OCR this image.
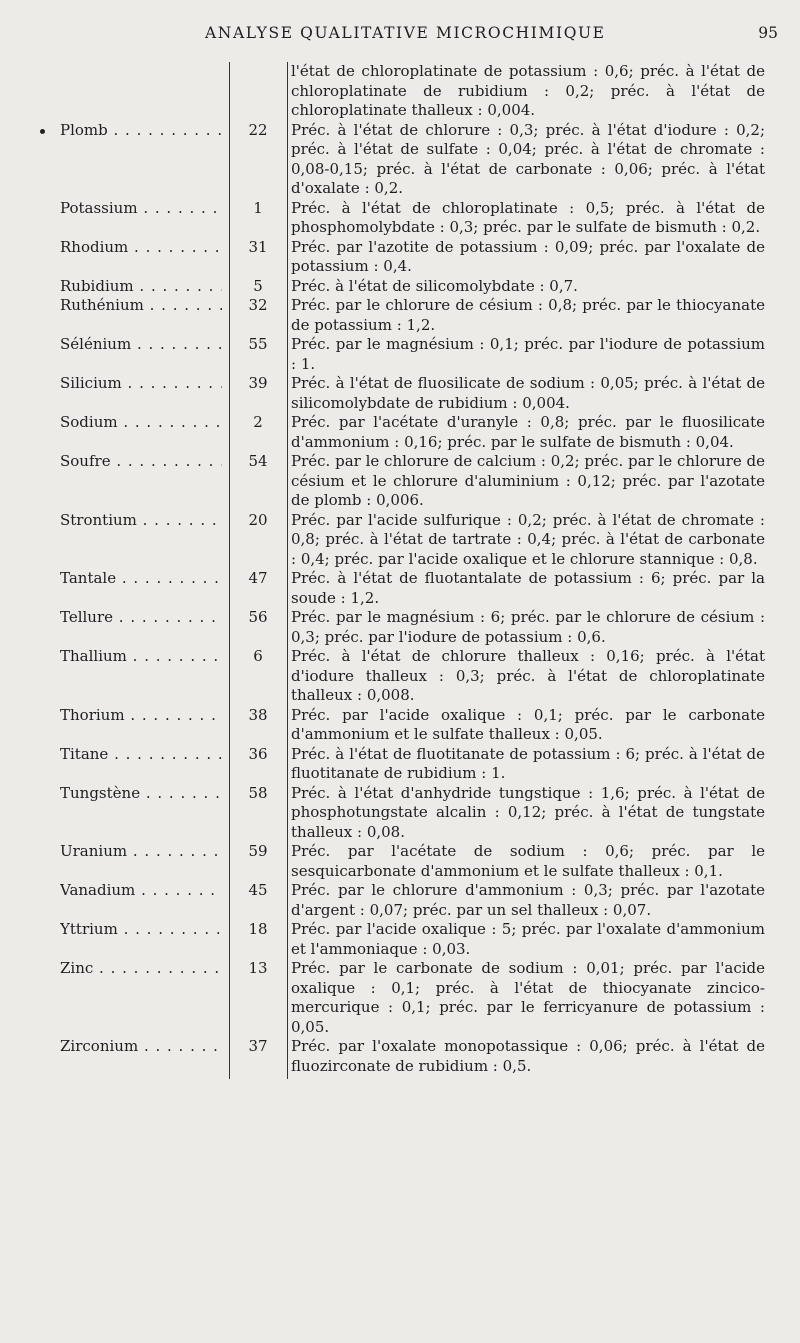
ANALYSE QUALITATIVE MICROCHIMIQUE	95
l'état de chloroplatinate de potassium : 0,6; préc. à l'état de chloroplatinate de rubidium : 0,2; préc. à l'état de chloroplatinate thalleux : 0,004.
Plomb . . .	22	Préc. à l'état de chlorure : 0,3; préc. à l'état d'iodure : 0,2; préc. à l'état de sulfate : 0,04; préc. à l'état de chromate : 0,08-0,15; préc. à l'état de carbonate : 0,06; préc. à l'état d'oxalate : 0,2.
Potassium . . .	1	Préc. à l'état de chloroplatinate : 0,5; préc. à l'état de phosphomolybdate : 0,3; préc. par le sulfate de bismuth : 0,2.
Rhodium . . .	31	Préc. par l'azotite de potassium : 0,09; préc. par l'oxalate de potassium : 0,4.
Rubidium . . .	5	Préc. à l'état de silicomolybdate : 0,7.
Ruthénium . . .	32	Préc. par le chlorure de césium : 0,8; préc. par le thiocyanate de potassium : 1,2.
Sélénium . . .	55	Préc. par le magnésium : 0,1; préc. par l'iodure de potassium : 1.
Silicium . . .	39	Préc. à l'état de fluosilicate de sodium : 0,05; préc. à l'état de silicomolybdate de rubidium : 0,004.
Sodium . . .	2	Préc. par l'acétate d'uranyle : 0,8; préc. par le fluosilicate d'ammonium : 0,16; préc. par le sulfate de bismuth : 0,04.
Soufre . . .	54	Préc. par le chlorure de calcium : 0,2; préc. par le chlorure de césium et le chlorure d'aluminium : 0,12; préc. par l'azotate de plomb : 0,006.
Strontium . . .	20	Préc. par l'acide sulfurique : 0,2; préc. à l'état de chromate : 0,8; préc. à l'état de tartrate : 0,4; préc. à l'état de carbonate : 0,4; préc. par l'acide oxalique et le chlorure stannique : 0,8.
Tantale . . .	47	Préc. à l'état de fluotantalate de potassium : 6; préc. par la soude : 1,2.
Tellure . . .	56	Préc. par le magnésium : 6; préc. par le chlorure de césium : 0,3; préc. par l'iodure de potassium : 0,6.
Thallium . . .	6	Préc. à l'état de chlorure thalleux : 0,16; préc. à l'état d'iodure thalleux : 0,3; préc. à l'état de chloroplatinate thalleux : 0,008.
Thorium . . .	38	Préc. par l'acide oxalique : 0,1; préc. par le carbonate d'ammonium et le sulfate thalleux : 0,05.
Titane . . .	36	Préc. à l'état de fluotitanate de potassium : 6; préc. à l'état de fluotitanate de rubidium : 1.
Tungstène . . .	58	Préc. à l'état d'anhydride tungstique : 1,6; préc. à l'état de phosphotungstate alcalin : 0,12; préc. à l'état de tungstate thalleux : 0,08.
Uranium . . .	59	Préc. par l'acétate de sodium : 0,6; préc. par le sesquicarbonate d'ammonium et le sulfate thalleux : 0,1.
Vanadium . . .	45	Préc. par le chlorure d'ammonium : 0,3; préc. par l'azotate d'argent : 0,07; préc. par un sel thalleux : 0,07.
Yttrium . . .	18	Préc. par l'acide oxalique : 5; préc. par l'oxalate d'ammonium et l'ammoniaque : 0,03.
Zinc . . .	13	Préc. par le carbonate de sodium : 0,01; préc. par l'acide oxalique : 0,1; préc. à l'état de thiocyanate zincico-mercurique : 0,1; préc. par le ferricyanure de potassium : 0,05.
Zirconium . . .	37	Préc. par l'oxalate monopotassique : 0,06; préc. à l'état de fluozirconate de rubidium : 0,5.
